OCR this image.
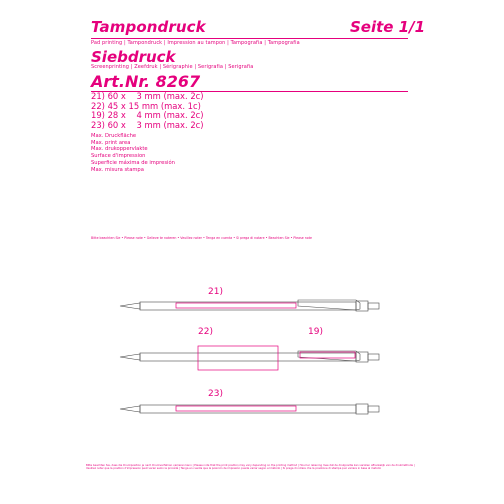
Tampondruck	Seite 1/1
Pad printing | Tampondruck | Impression au tampon | Tampografia | Tampografia
Siebdruck
Screenprinting | Zeefdruk | Sérigraphie | Serigrafia | Serigrafia
Art.Nr. 8267
21) 60 x    3 mm (max. 2c)
22) 45 x 15 mm (max. 1c)
19) 28 x    4 mm (max. 2c)
23) 60 x    3 mm (max. 2c)
Max. Druckfläche
Max. print area
Max. drukoppervlakte
Surface d'impression
Superficie máxima de impresión
Max. misura stampa
Bitte beachten Sie • Please note • Gelieve te noteren • Veuillez noter • Tenga en cuenta • Si prega di notare • Beachten Sie • Please note
21)
22)	19)
23)
Bitte beachten Sie, dass die Druckposition je nach Druckverfahren variieren kann | Please note that the print position may vary depending on the printing method | Houd er rekening mee dat de drukpositie kan variëren afhankelijk van de drukmethode | Veuillez noter que la position d'impression peut varier selon le procédé | Tenga en cuenta que la posición de impresión puede variar según el método | Si prega di notare che la posizione di stampa può variare in base al metodo
